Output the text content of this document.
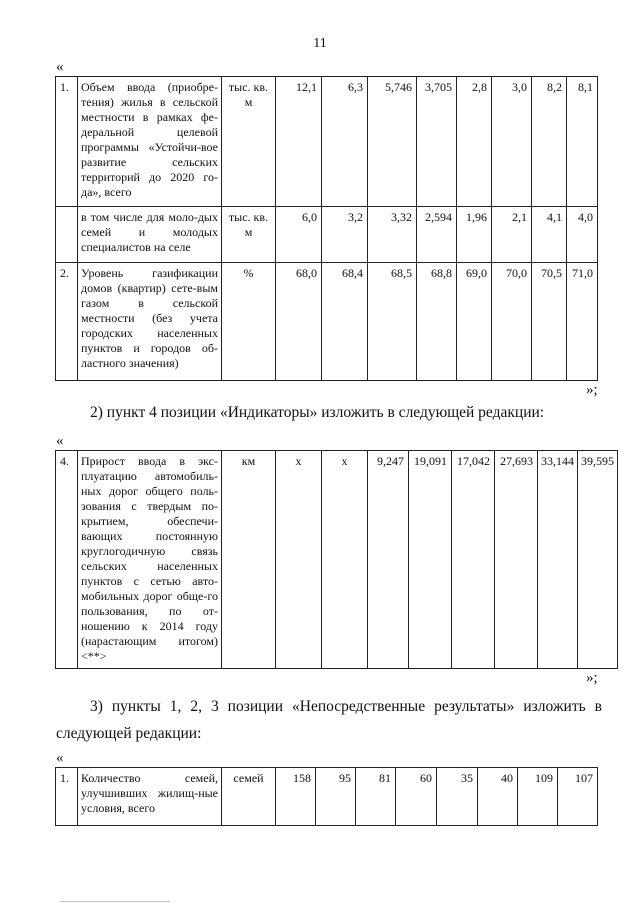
11
«
1.	Объем ввода (приобре-тения) жилья в сельской местности в рамках фе-деральной целевой программы «Устойчи-вое развитие сельских территорий до 2020 го-да», всего	тыс. кв. м	12,1	6,3	5,746	3,705	2,8	3,0	8,2	8,1
	в том числе для моло-дых семей и молодых специалистов на селе	тыс. кв. м	6,0	3,2	3,32	2,594	1,96	2,1	4,1	4,0
2.	Уровень газификации домов (квартир) сете-вым газом в сельской местности (без учета городских населенных пунктов и городов об-ластного значения)	%	68,0	68,4	68,5	68,8	69,0	70,0	70,5	71,0
»;
2) пункт 4 позиции «Индикаторы» изложить в следующей редакции:
«
4.	Прирост ввода в экс-плуатацию автомобиль-ных дорог общего поль-зования с твердым по-крытием, обеспечи-вающих постоянную круглогодичную связь сельских населенных пунктов с сетью авто-мобильных дорог обще-го пользования, по от-ношению к 2014 году (нарастающим итогом) <**>	км	х	х	9,247	19,091	17,042	27,693	33,144	39,595
»;
3) пункты 1, 2, 3 позиции «Непосредственные результаты» изложить в
следующей редакции:
«
1.	Количество семей, улучшивших жилищ-ные условия, всего	семей	158	95	81	60	35	40	109	107
